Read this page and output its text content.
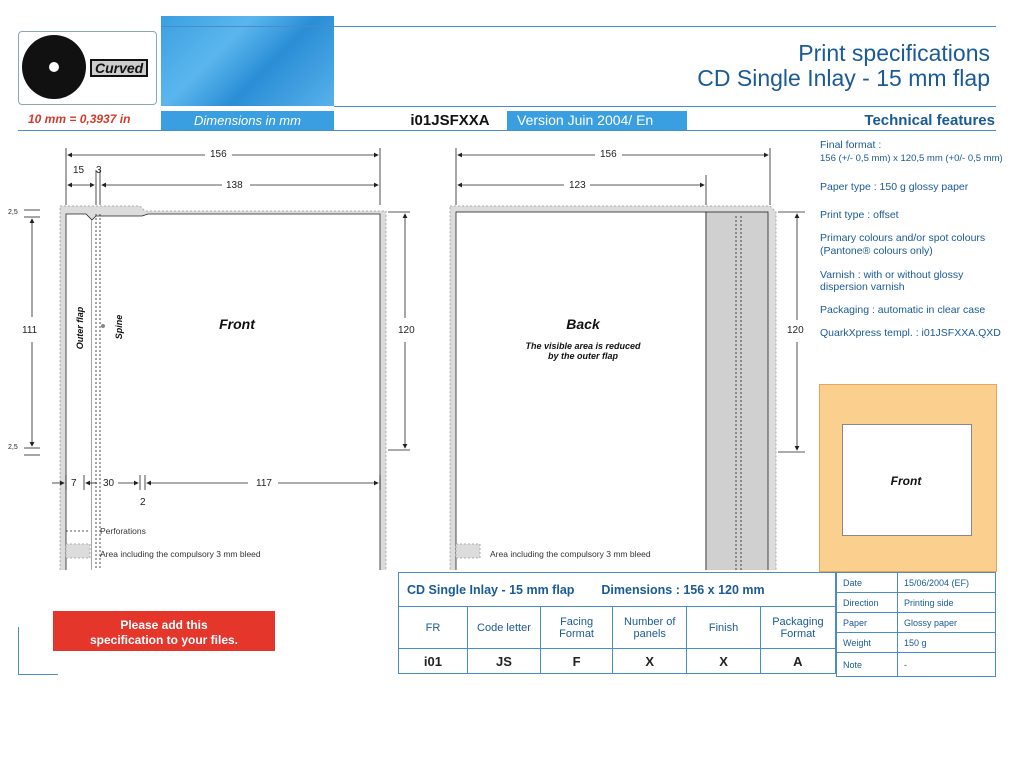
Curved
Print specifications
CD Single Inlay - 15 mm flap
10 mm = 0,3937 in	Dimensions in mm	i01JSFXXA	Version Juin 2004/ En	Technical features
Final format :
156 (+/- 0,5 mm) x 120,5 mm (+0/- 0,5 mm)
Paper type : 150 g glossy paper
Print type : offset
Primary colours and/or spot colours
(Pantone® colours only)
Varnish : with or without glossy
dispersion varnish
Packaging : automatic in clear case
QuarkXpress templ. : i01JSFXXA.QXD
156
15 3
138
2,5
111
2,5
120
7	30
2
117
Outer flap	Spine	Front
156
123
120
Back
The visible area is reduced
by the outer flap
Perforations
Area including the compulsory 3 mm bleed	Area including the compulsory 3 mm bleed
Front
Please add this
specification to your files.
CD Single Inlay - 15 mm flap Dimensions : 156 x 120 mm					
FR	Code letter	Facing Format	Number of panels	Finish	Packaging Format
i01	JS	F	X	X	A
Date	15/06/2004 (EF)
Direction	Printing side
Paper	Glossy paper
Weight	150 g
Note	-
